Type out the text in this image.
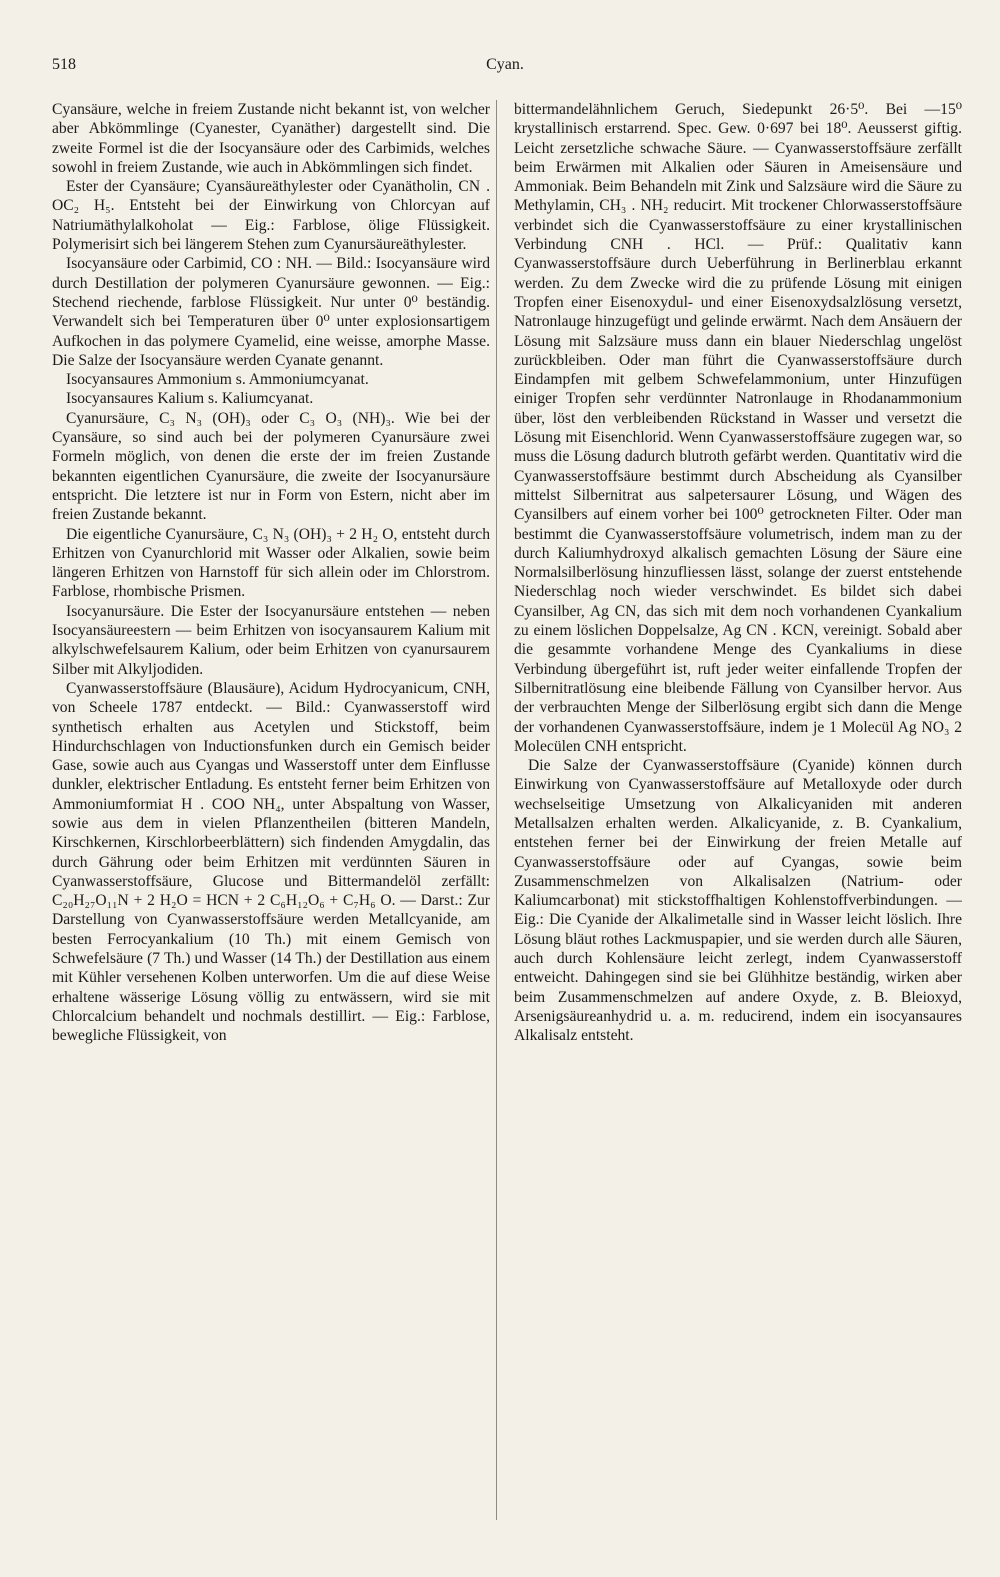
518	Cyan.

Cyansäure, welche in freiem Zustande nicht bekannt ist, von welcher aber Abkömmlinge (Cyanester, Cyanäther) dargestellt sind. Die zweite Formel ist die der Isocyansäure oder des Carbimids, welches sowohl in freiem Zustande, wie auch in Abkömmlingen sich findet.

Ester der Cyansäure; Cyansäureäthylester oder Cyanätholin, CN . OC₂ H₅. Entsteht bei der Einwirkung von Chlorcyan auf Natriumäthylalkoholat — Eig.: Farblose, ölige Flüssigkeit. Polymerisirt sich bei längerem Stehen zum Cyanursäureäthylester.

Isocyansäure oder Carbimid, CO : NH. — Bild.: Isocyansäure wird durch Destillation der polymeren Cyanursäure gewonnen. — Eig.: Stechend riechende, farblose Flüssigkeit. Nur unter 0⁰ beständig. Verwandelt sich bei Temperaturen über 0⁰ unter explosionsartigem Aufkochen in das polymere Cyamelid, eine weisse, amorphe Masse. Die Salze der Isocyansäure werden Cyanate genannt.

Isocyansaures Ammonium s. Ammoniumcyanat.

Isocyansaures Kalium s. Kaliumcyanat.

Cyanursäure, C₃ N₃ (OH)₃ oder C₃ O₃ (NH)₃. Wie bei der Cyansäure, so sind auch bei der polymeren Cyanursäure zwei Formeln möglich, von denen die erste der im freien Zustande bekannten eigentlichen Cyanursäure, die zweite der Isocyanursäure entspricht. Die letztere ist nur in Form von Estern, nicht aber im freien Zustande bekannt.

Die eigentliche Cyanursäure, C₃ N₃ (OH)₃ + 2 H₂ O, entsteht durch Erhitzen von Cyanurchlorid mit Wasser oder Alkalien, sowie beim längeren Erhitzen von Harnstoff für sich allein oder im Chlorstrom. Farblose, rhombische Prismen.

Isocyanursäure. Die Ester der Isocyanursäure entstehen — neben Isocyansäureestern — beim Erhitzen von isocyansaurem Kalium mit alkylschwefelsaurem Kalium, oder beim Erhitzen von cyanursaurem Silber mit Alkyljodiden.

Cyanwasserstoffsäure (Blausäure), Acidum Hydrocyanicum, CNH, von Scheele 1787 entdeckt. — Bild.: Cyanwasserstoff wird synthetisch erhalten aus Acetylen und Stickstoff, beim Hindurchschlagen von Inductionsfunken durch ein Gemisch beider Gase, sowie auch aus Cyangas und Wasserstoff unter dem Einflusse dunkler, elektrischer Entladung. Es entsteht ferner beim Erhitzen von Ammoniumformiat H . COO NH₄, unter Abspaltung von Wasser, sowie aus dem in vielen Pflanzentheilen (bitteren Mandeln, Kirschkernen, Kirschlorbeerblättern) sich findenden Amygdalin, das durch Gährung oder beim Erhitzen mit verdünnten Säuren in Cyanwasserstoffsäure, Glucose und Bittermandelöl zerfällt: C₂₀H₂₇O₁₁N + 2 H₂O = HCN + 2 C₆H₁₂O₆ + C₇H₆ O. — Darst.: Zur Darstellung von Cyanwasserstoffsäure werden Metallcyanide, am besten Ferrocyankalium (10 Th.) mit einem Gemisch von Schwefelsäure (7 Th.) und Wasser (14 Th.) der Destillation aus einem mit Kühler versehenen Kolben unterworfen. Um die auf diese Weise erhaltene wässerige Lösung völlig zu entwässern, wird sie mit Chlorcalcium behandelt und nochmals destillirt. — Eig.: Farblose, bewegliche Flüssigkeit, von

bittermandelähnlichem Geruch, Siedepunkt 26·5⁰. Bei —15⁰ krystallinisch erstarrend. Spec. Gew. 0·697 bei 18⁰. Aeusserst giftig. Leicht zersetzliche schwache Säure. — Cyanwasserstoffsäure zerfällt beim Erwärmen mit Alkalien oder Säuren in Ameisensäure und Ammoniak. Beim Behandeln mit Zink und Salzsäure wird die Säure zu Methylamin, CH₃ . NH₂ reducirt. Mit trockener Chlorwasserstoffsäure verbindet sich die Cyanwasserstoffsäure zu einer krystallinischen Verbindung CNH . HCl. — Prüf.: Qualitativ kann Cyanwasserstoffsäure durch Ueberführung in Berlinerblau erkannt werden. Zu dem Zwecke wird die zu prüfende Lösung mit einigen Tropfen einer Eisenoxydul- und einer Eisenoxydsalzlösung versetzt, Natronlauge hinzugefügt und gelinde erwärmt. Nach dem Ansäuern der Lösung mit Salzsäure muss dann ein blauer Niederschlag ungelöst zurückbleiben. Oder man führt die Cyanwasserstoffsäure durch Eindampfen mit gelbem Schwefelammonium, unter Hinzufügen einiger Tropfen sehr verdünnter Natronlauge in Rhodanammonium über, löst den verbleibenden Rückstand in Wasser und versetzt die Lösung mit Eisenchlorid. Wenn Cyanwasserstoffsäure zugegen war, so muss die Lösung dadurch blutroth gefärbt werden. Quantitativ wird die Cyanwasserstoffsäure bestimmt durch Abscheidung als Cyansilber mittelst Silbernitrat aus salpetersaurer Lösung, und Wägen des Cyansilbers auf einem vorher bei 100⁰ getrockneten Filter. Oder man bestimmt die Cyanwasserstoffsäure volumetrisch, indem man zu der durch Kaliumhydroxyd alkalisch gemachten Lösung der Säure eine Normalsilberlösung hinzufliessen lässt, solange der zuerst entstehende Niederschlag noch wieder verschwindet. Es bildet sich dabei Cyansilber, Ag CN, das sich mit dem noch vorhandenen Cyankalium zu einem löslichen Doppelsalze, Ag CN . KCN, vereinigt. Sobald aber die gesammte vorhandene Menge des Cyankaliums in diese Verbindung übergeführt ist, ruft jeder weiter einfallende Tropfen der Silbernitratlösung eine bleibende Fällung von Cyansilber hervor. Aus der verbrauchten Menge der Silberlösung ergibt sich dann die Menge der vorhandenen Cyanwasserstoffsäure, indem je 1 Molecül Ag NO₃ 2 Molecülen CNH entspricht.

Die Salze der Cyanwasserstoffsäure (Cyanide) können durch Einwirkung von Cyanwasserstoffsäure auf Metalloxyde oder durch wechselseitige Umsetzung von Alkalicyaniden mit anderen Metallsalzen erhalten werden. Alkalicyanide, z. B. Cyankalium, entstehen ferner bei der Einwirkung der freien Metalle auf Cyanwasserstoffsäure oder auf Cyangas, sowie beim Zusammenschmelzen von Alkalisalzen (Natrium- oder Kaliumcarbonat) mit stickstoffhaltigen Kohlenstoffverbindungen. — Eig.: Die Cyanide der Alkalimetalle sind in Wasser leicht löslich. Ihre Lösung bläut rothes Lackmuspapier, und sie werden durch alle Säuren, auch durch Kohlensäure leicht zerlegt, indem Cyanwasserstoff entweicht. Dahingegen sind sie bei Glühhitze beständig, wirken aber beim Zusammenschmelzen auf andere Oxyde, z. B. Bleioxyd, Arsenigsäureanhydrid u. a. m. reducirend, indem ein isocyansaures Alkalisalz entsteht.
